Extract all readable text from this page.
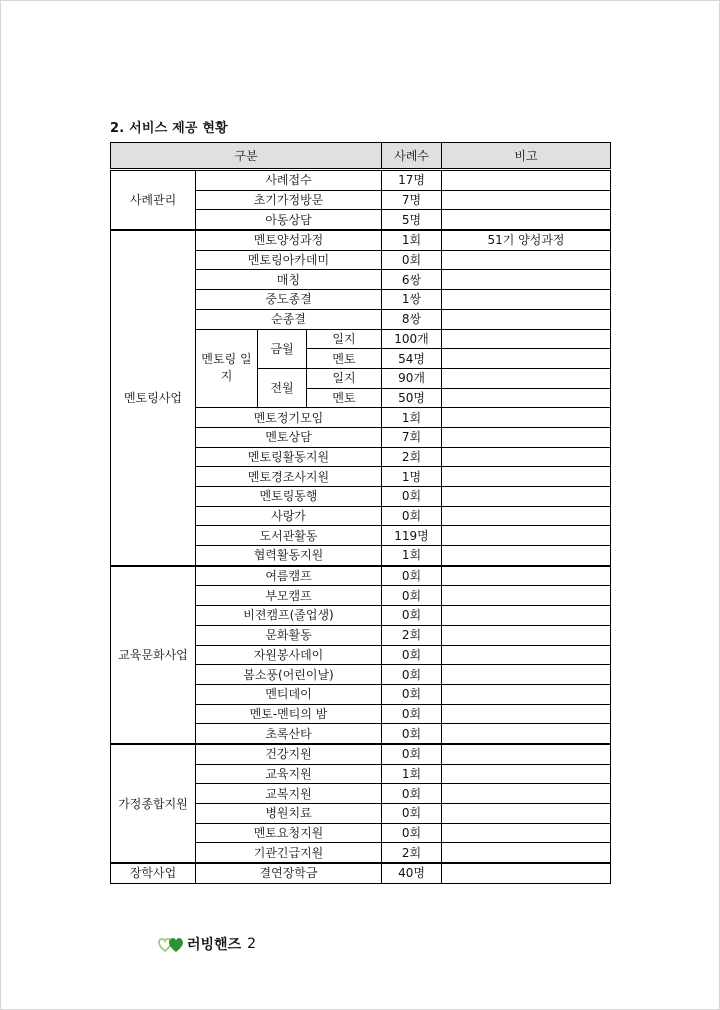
2. 서비스 제공 현황
구분				사례수	비고
사례관리	사례접수			17명	
	초기가정방문			7명	
	아동상담			5명	
멘토링사업	멘토양성과정			1회	51기 양성과정
	멘토링아카데미			0회	
	매칭			6쌍	
	중도종결			1쌍	
	순종결			8쌍	
	멘토링 일지	금월	일지	100개	
			멘토	54명	
		전월	일지	90개	
			멘토	50명	
	멘토정기모임			1회	
	멘토상담			7회	
	멘토링활동지원			2회	
	멘토경조사지원			1명	
	멘토링동행			0회	
	사랑가			0회	
	도서관활동			119명	
	협력활동지원			1회	
교육문화사업	여름캠프			0회	
	부모캠프			0회	
	비젼캠프(졸업생)			0회	
	문화활동			2회	
	자원봉사데이			0회	
	봄소풍(어린이날)			0회	
	멘티데이			0회	
	멘토-멘티의 밤			0회	
	초록산타			0회	
가정종합지원	건강지원			0회	
	교육지원			1회	
	교복지원			0회	
	병원치료			0회	
	멘토요청지원			0회	
	기관긴급지원			2회	
장학사업	결연장학금			40명	
러빙핸즈 2
